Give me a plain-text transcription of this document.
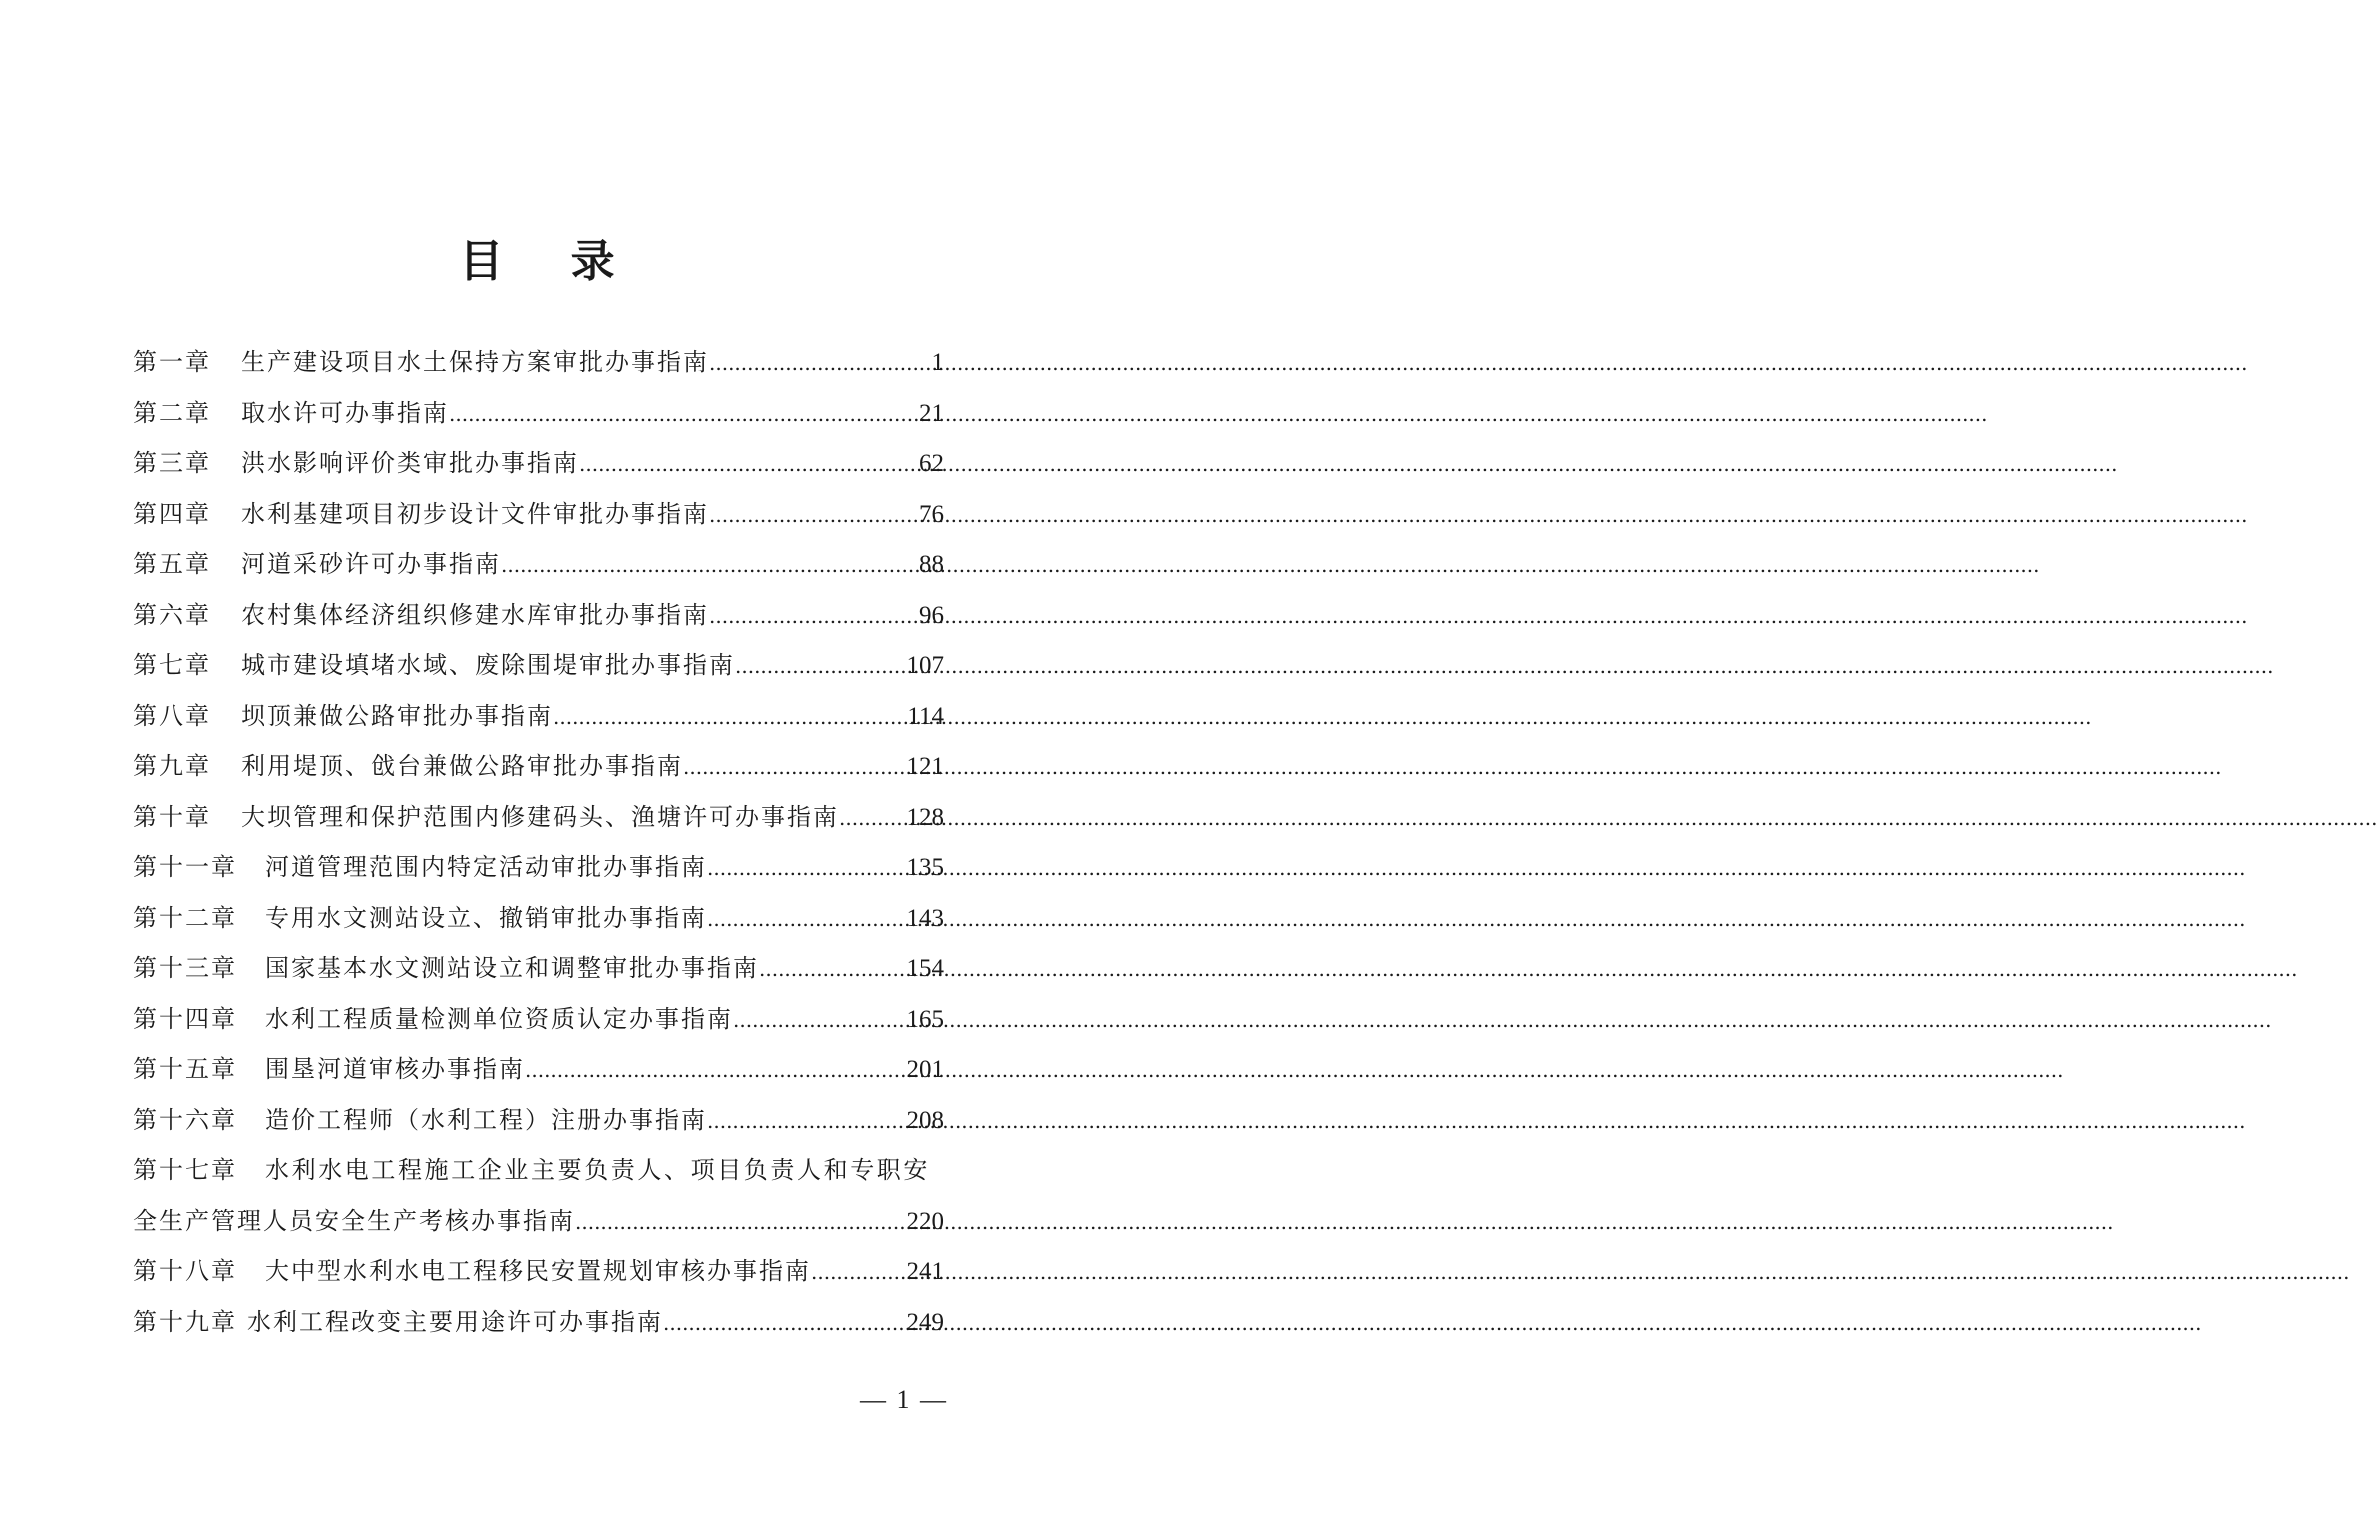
目 录
第一章 生产建设项目水土保持方案审批办事指南 .....	1
第二章 取水许可办事指南 .....	21
第三章 洪水影响评价类审批办事指南 .....	62
第四章 水利基建项目初步设计文件审批办事指南 .....	76
第五章 河道采砂许可办事指南 .....	88
第六章 农村集体经济组织修建水库审批办事指南 .....	96
第七章 城市建设填堵水域、废除围堤审批办事指南 .....	107
第八章 坝顶兼做公路审批办事指南 .....	114
第九章 利用堤顶、戗台兼做公路审批办事指南 .....	121
第十章 大坝管理和保护范围内修建码头、渔塘许可办事指南 .....	128
第十一章 河道管理范围内特定活动审批办事指南 .....	135
第十二章 专用水文测站设立、撤销审批办事指南 .....	143
第十三章 国家基本水文测站设立和调整审批办事指南 .....	154
第十四章 水利工程质量检测单位资质认定办事指南 .....	165
第十五章 围垦河道审核办事指南 .....	201
第十六章 造价工程师（水利工程）注册办事指南 .....	208
第十七章 水利水电工程施工企业主要负责人、项目负责人和专职安
全生产管理人员安全生产考核办事指南 .....	220
第十八章 大中型水利水电工程移民安置规划审核办事指南 .....	241
第十九章 水利工程改变主要用途许可办事指南 .....	249
— 1 —
